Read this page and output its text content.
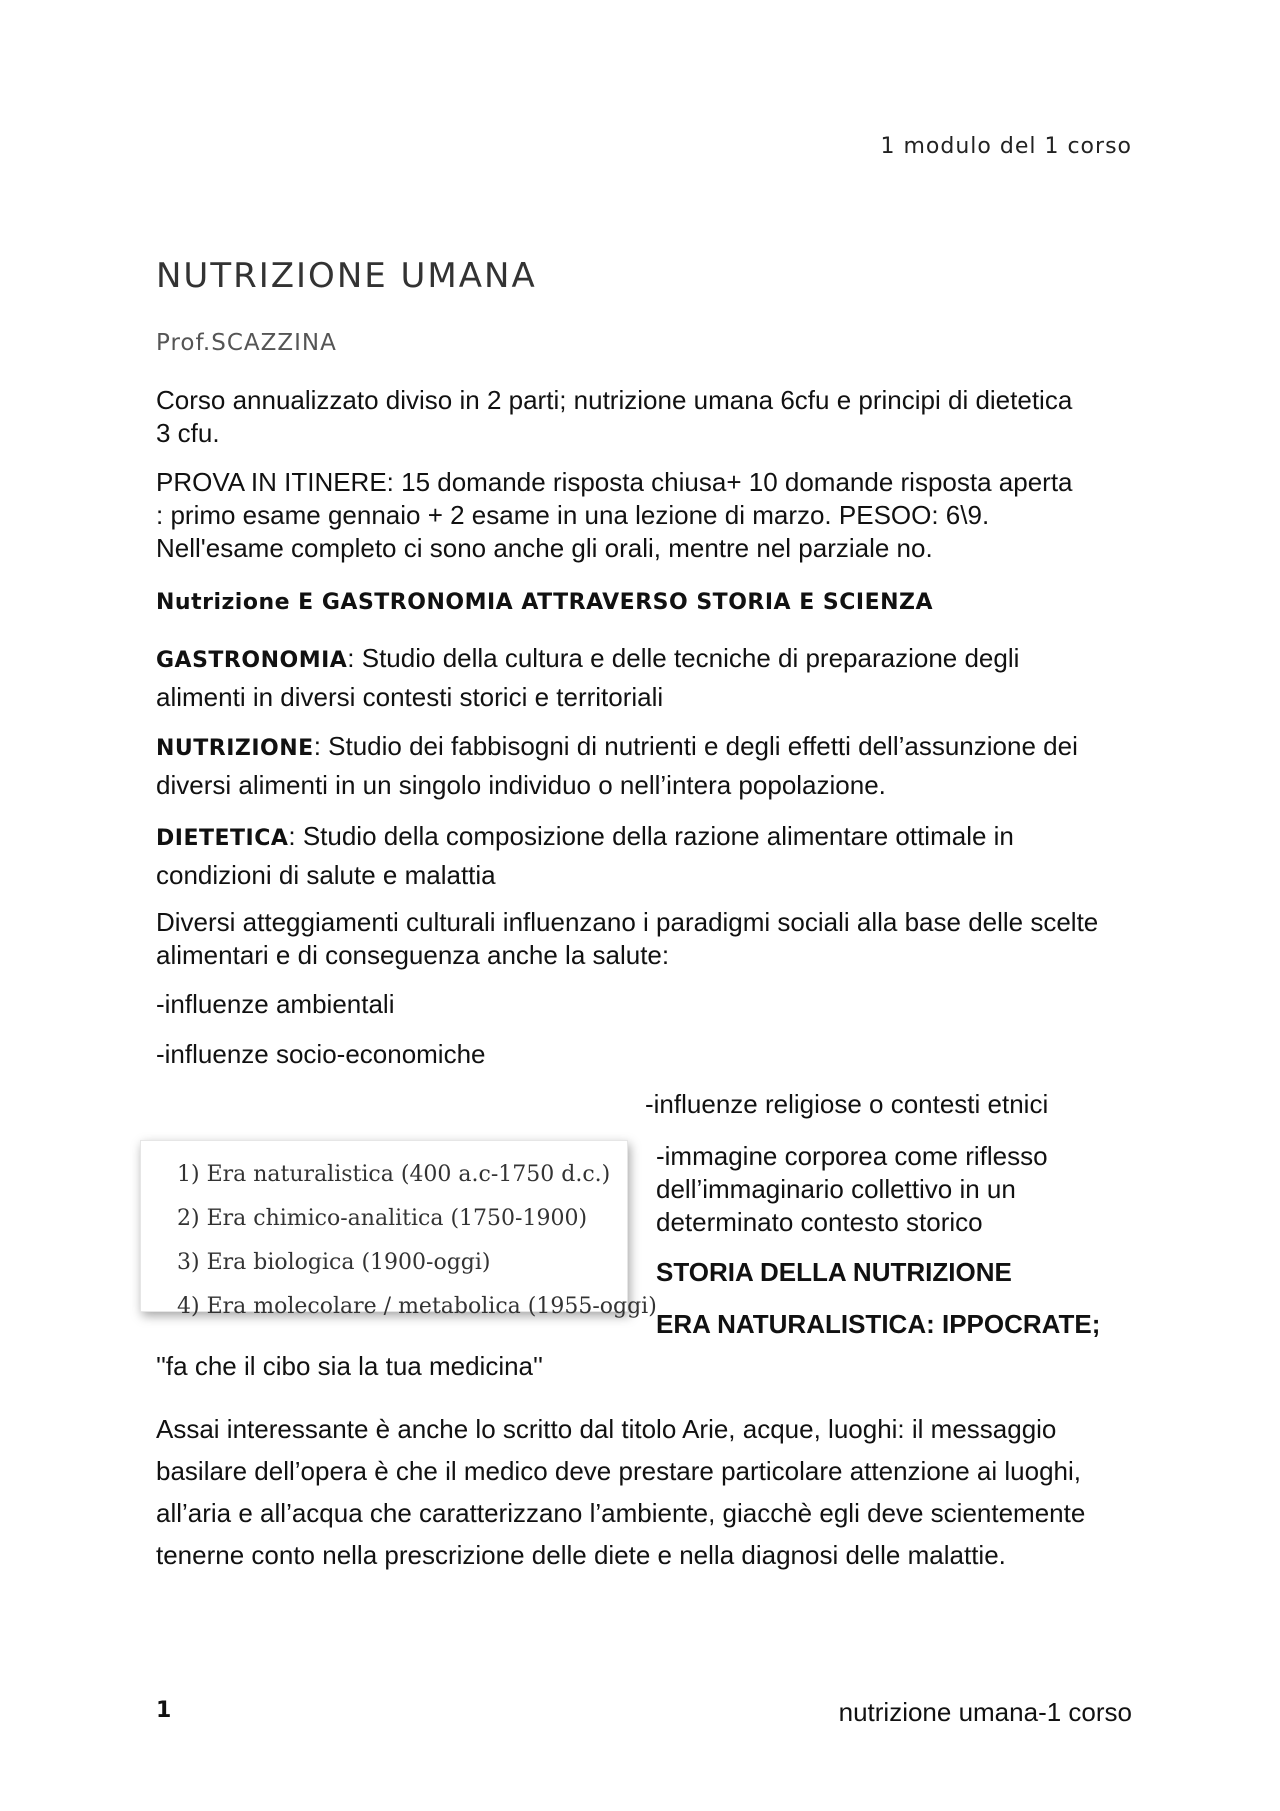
1 modulo del 1 corso
NUTRIZIONE UMANA
Prof.SCAZZINA
Corso annualizzato diviso in 2 parti; nutrizione umana 6cfu e principi di dietetica 3 cfu.
PROVA IN ITINERE: 15 domande risposta chiusa+ 10 domande risposta aperta : primo esame gennaio + 2 esame in una lezione di marzo. PESOO: 6\9. Nell'esame completo ci sono anche gli orali, mentre nel parziale no.
Nutrizione E GASTRONOMIA ATTRAVERSO STORIA E SCIENZA
GASTRONOMIA: Studio della cultura e delle tecniche di preparazione degli alimenti in diversi contesti storici e territoriali
NUTRIZIONE: Studio dei fabbisogni di nutrienti e degli effetti dell’assunzione dei diversi alimenti in un singolo individuo o nell’intera popolazione.
DIETETICA: Studio della composizione della razione alimentare ottimale in condizioni di salute e malattia
Diversi atteggiamenti culturali influenzano i paradigmi sociali alla base delle scelte alimentari e di conseguenza anche la salute:
-influenze ambientali
-influenze socio-economiche
-influenze religiose o contesti etnici
-immagine corporea come riflesso dell’immaginario collettivo in un determinato contesto storico
1) Era naturalistica (400 a.c-1750 d.c.)
2) Era chimico-analitica (1750-1900)
3) Era biologica (1900-oggi)
4) Era molecolare / metabolica (1955-oggi)
STORIA DELLA NUTRIZIONE
ERA NATURALISTICA: IPPOCRATE;
''fa che il cibo sia la tua medicina''
Assai interessante è anche lo scritto dal titolo Arie, acque, luoghi: il messaggio basilare dell’opera è che il medico deve prestare particolare attenzione ai luoghi, all’aria e all’acqua che caratterizzano l’ambiente, giacchè egli deve scientemente tenerne conto nella prescrizione delle diete e nella diagnosi delle malattie.
1	nutrizione umana-1 corso
